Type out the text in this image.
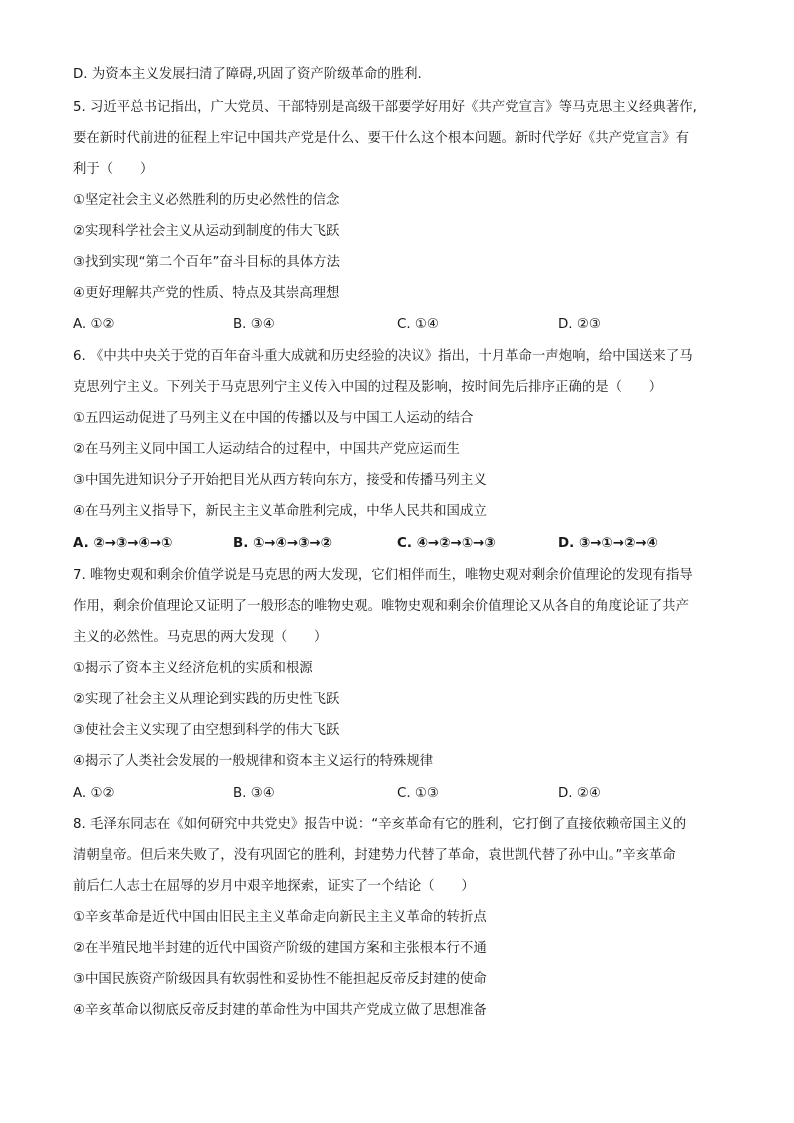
D. 为资本主义发展扫清了障碍,巩固了资产阶级革命的胜利.
5. 习近平总书记指出，广大党员、干部特别是高级干部要学好用好《共产党宣言》等马克思主义经典著作,
要在新时代前进的征程上牢记中国共产党是什么、要干什么这个根本问题。新时代学好《共产党宣言》有
利于（　　）
①坚定社会主义必然胜利的历史必然性的信念
②实现科学社会主义从运动到制度的伟大飞跃
③找到实现“第二个百年”奋斗目标的具体方法
④更好理解共产党的性质、特点及其崇高理想
A. ①②	B. ③④	C. ①④	D. ②③
6. 《中共中央关于党的百年奋斗重大成就和历史经验的决议》指出，十月革命一声炮响，给中国送来了马
克思列宁主义。下列关于马克思列宁主义传入中国的过程及影响，按时间先后排序正确的是（　　）
①五四运动促进了马列主义在中国的传播以及与中国工人运动的结合
②在马列主义同中国工人运动结合的过程中，中国共产党应运而生
③中国先进知识分子开始把目光从西方转向东方，接受和传播马列主义
④在马列主义指导下，新民主主义革命胜利完成，中华人民共和国成立
A. ②→③→④→①	B. ①→④→③→②	C. ④→②→①→③	D. ③→①→②→④
7. 唯物史观和剩余价值学说是马克思的两大发现，它们相伴而生，唯物史观对剩余价值理论的发现有指导
作用，剩余价值理论又证明了一般形态的唯物史观。唯物史观和剩余价值理论又从各自的角度论证了共产
主义的必然性。马克思的两大发现（　　）
①揭示了资本主义经济危机的实质和根源
②实现了社会主义从理论到实践的历史性飞跃
③使社会主义实现了由空想到科学的伟大飞跃
④揭示了人类社会发展的一般规律和资本主义运行的特殊规律
A. ①②	B. ③④	C. ①③	D. ②④
8. 毛泽东同志在《如何研究中共党史》报告中说：“辛亥革命有它的胜利，它打倒了直接依赖帝国主义的
清朝皇帝。但后来失败了，没有巩固它的胜利，封建势力代替了革命，袁世凯代替了孙中山。”辛亥革命
前后仁人志士在屈辱的岁月中艰辛地探索，证实了一个结论（　　）
①辛亥革命是近代中国由旧民主主义革命走向新民主主义革命的转折点
②在半殖民地半封建的近代中国资产阶级的建国方案和主张根本行不通
③中国民族资产阶级因具有软弱性和妥协性不能担起反帝反封建的使命
④辛亥革命以彻底反帝反封建的革命性为中国共产党成立做了思想准备
